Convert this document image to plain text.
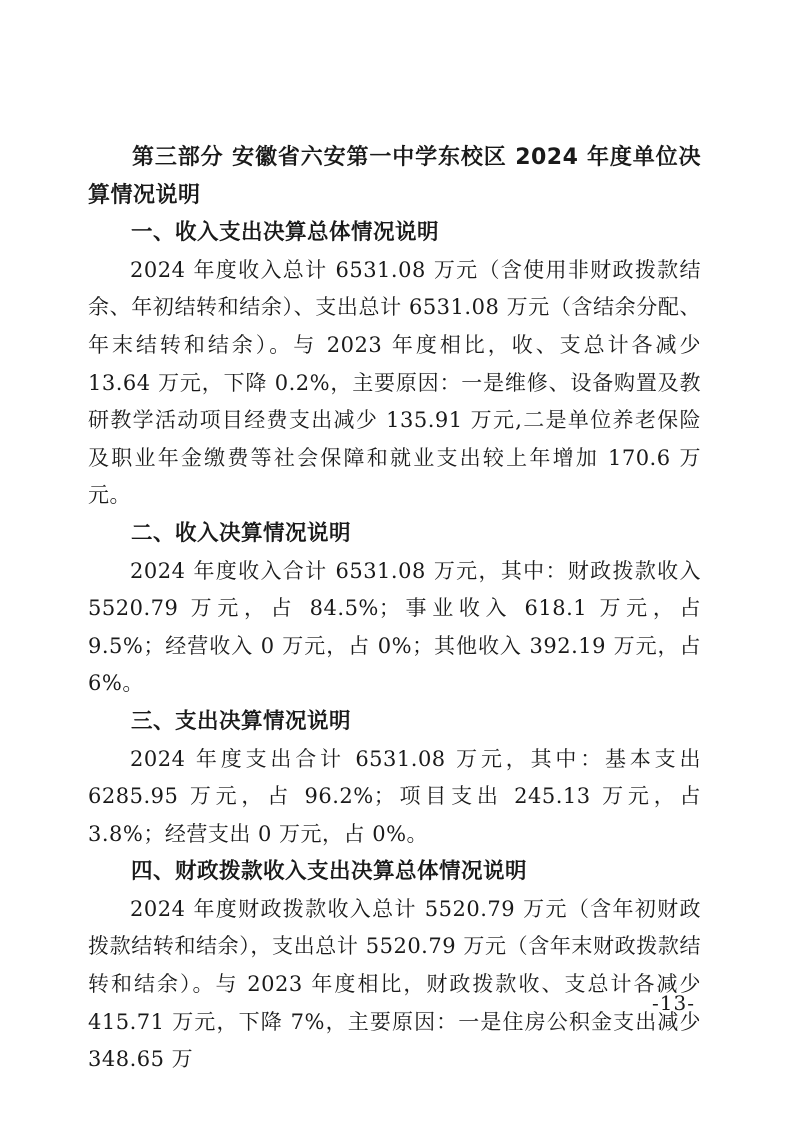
第三部分 安徽省六安第一中学东校区 2024 年度单位决算情况说明

一、收入支出决算总体情况说明

2024 年度收入总计 6531.08 万元（含使用非财政拨款结余、年初结转和结余）、支出总计 6531.08 万元（含结余分配、年末结转和结余）。与 2023 年度相比，收、支总计各减少 13.64 万元，下降 0.2%，主要原因：一是维修、设备购置及教研教学活动项目经费支出减少 135.91 万元,二是单位养老保险及职业年金缴费等社会保障和就业支出较上年增加 170.6 万元。

二、收入决算情况说明

2024 年度收入合计 6531.08 万元，其中：财政拨款收入 5520.79 万元，占 84.5%；事业收入 618.1 万元，占 9.5%；经营收入 0 万元，占 0%；其他收入 392.19 万元，占 6%。

三、支出决算情况说明

2024 年度支出合计 6531.08 万元，其中：基本支出 6285.95 万元，占 96.2%；项目支出 245.13 万元，占 3.8%；经营支出 0 万元，占 0%。

四、财政拨款收入支出决算总体情况说明

2024 年度财政拨款收入总计 5520.79 万元（含年初财政拨款结转和结余），支出总计 5520.79 万元（含年末财政拨款结转和结余）。与 2023 年度相比，财政拨款收、支总计各减少 415.71 万元，下降 7%，主要原因：一是住房公积金支出减少 348.65 万

-13-
